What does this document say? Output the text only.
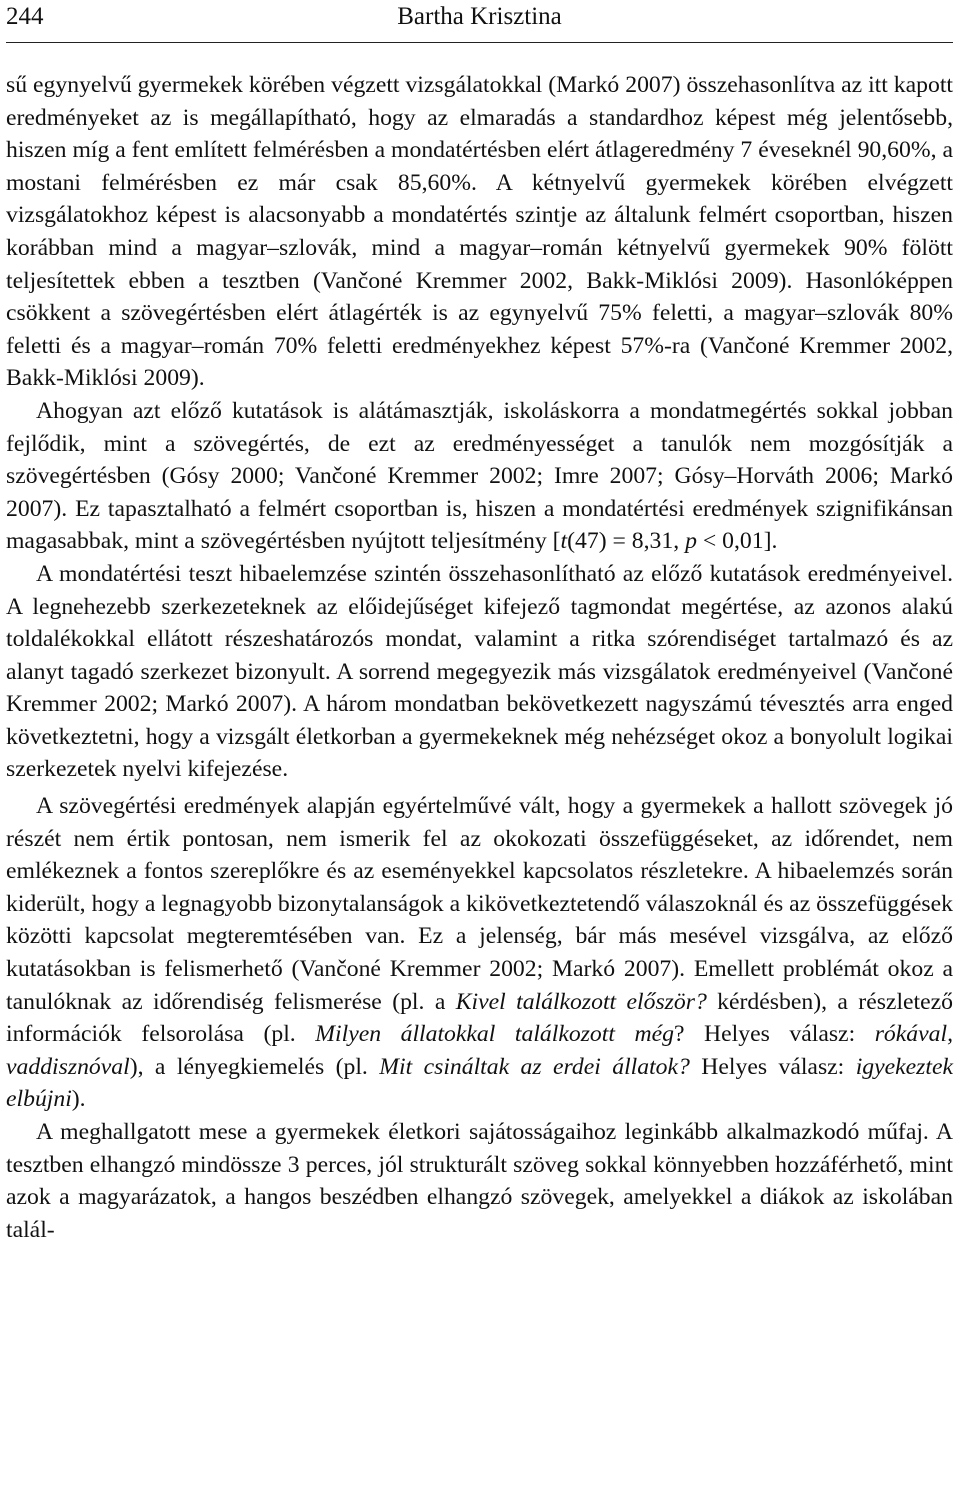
244	Bartha Krisztina

sű egynyelvű gyermekek körében végzett vizsgálatokkal (Markó 2007) összehasonlítva az itt kapott eredményeket az is megállapítható, hogy az elmaradás a standardhoz képest még jelentősebb, hiszen míg a fent említett felmérésben a mondatértésben elért átlageredmény 7 éveseknél 90,60%, a mostani felmérésben ez már csak 85,60%. A kétnyelvű gyermekek körében elvégzett vizsgálatokhoz képest is alacsonyabb a mondatértés szintje az általunk felmért csoportban, hiszen korábban mind a magyar–szlovák, mind a magyar–román kétnyelvű gyermekek 90% fölött teljesítettek ebben a tesztben (Vančoné Kremmer 2002, Bakk-Miklósi 2009). Hasonlóképpen csökkent a szövegértésben elért átlagérték is az egynyelvű 75% feletti, a magyar–szlovák 80% feletti és a magyar–román 70% feletti eredményekhez képest 57%-ra (Vančoné Kremmer 2002, Bakk-Miklósi 2009).

Ahogyan azt előző kutatások is alátámasztják, iskoláskorra a mondatmegértés sokkal jobban fejlődik, mint a szövegértés, de ezt az eredményességet a tanulók nem mozgósítják a szövegértésben (Gósy 2000; Vančoné Kremmer 2002; Imre 2007; Gósy–Horváth 2006; Markó 2007). Ez tapasztalható a felmért csoportban is, hiszen a mondatértési eredmények szignifikánsan magasabbak, mint a szövegértésben nyújtott teljesítmény [t(47) = 8,31, p < 0,01].

A mondatértési teszt hibaelemzése szintén összehasonlítható az előző kutatások eredményeivel. A legnehezebb szerkezeteknek az előidejűséget kifejező tagmondat megértése, az azonos alakú toldalékokkal ellátott részeshatározós mondat, valamint a ritka szórendiséget tartalmazó és az alanyt tagadó szerkezet bizonyult. A sorrend megegyezik más vizsgálatok eredményeivel (Vančoné Kremmer 2002; Markó 2007). A három mondatban bekövetkezett nagyszámú tévesztés arra enged következtetni, hogy a vizsgált életkorban a gyermekeknek még nehézséget okoz a bonyolult logikai szerkezetek nyelvi kifejezése.

A szövegértési eredmények alapján egyértelművé vált, hogy a gyermekek a hallott szövegek jó részét nem értik pontosan, nem ismerik fel az okokozati összefüggéseket, az időrendet, nem emlékeznek a fontos szereplőkre és az eseményekkel kapcsolatos részletekre. A hibaelemzés során kiderült, hogy a legnagyobb bizonytalanságok a kikövetkeztetendő válaszoknál és az összefüggések közötti kapcsolat megteremtésében van. Ez a jelenség, bár más mesével vizsgálva, az előző kutatásokban is felismerhető (Vančoné Kremmer 2002; Markó 2007). Emellett problémát okoz a tanulóknak az időrendiség felismerése (pl. a Kivel találkozott először? kérdésben), a részletező információk felsorolása (pl. Milyen állatokkal találkozott még? Helyes válasz: rókával, vaddisznóval), a lényegkiemelés (pl. Mit csináltak az erdei állatok? Helyes válasz: igyekeztek elbújni).

A meghallgatott mese a gyermekek életkori sajátosságaihoz leginkább alkalmazkodó műfaj. A tesztben elhangzó mindössze 3 perces, jól strukturált szöveg sokkal könnyebben hozzáférhető, mint azok a magyarázatok, a hangos beszédben elhangzó szövegek, amelyekkel a diákok az iskolában talál-
